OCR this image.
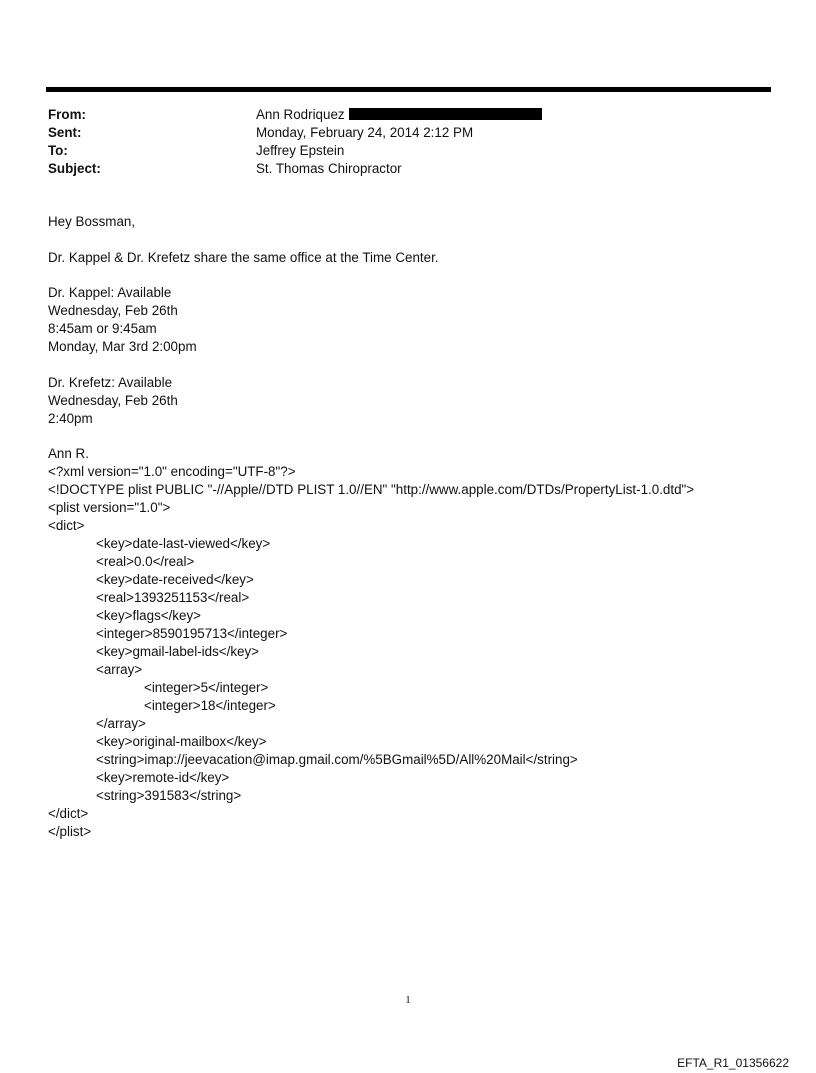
From:	Ann Rodriquez
Sent:	Monday, February 24, 2014 2:12 PM
To:	Jeffrey Epstein
Subject:	St. Thomas Chiropractor
Hey Bossman,
Dr. Kappel & Dr. Krefetz share the same office at the Time Center.
Dr. Kappel: Available
Wednesday, Feb 26th
8:45am or 9:45am
Monday, Mar 3rd 2:00pm
Dr. Krefetz: Available
Wednesday, Feb 26th
2:40pm
Ann R.
<?xml version="1.0" encoding="UTF-8"?>
<!DOCTYPE plist PUBLIC "-//Apple//DTD PLIST 1.0//EN" "http://www.apple.com/DTDs/PropertyList-1.0.dtd">
<plist version="1.0">
<dict>
<key>date-last-viewed</key>
<real>0.0</real>
<key>date-received</key>
<real>1393251153</real>
<key>flags</key>
<integer>8590195713</integer>
<key>gmail-label-ids</key>
<array>
<integer>5</integer>
<integer>18</integer>
</array>
<key>original-mailbox</key>
<string>imap://jeevacation@imap.gmail.com/%5BGmail%5D/All%20Mail</string>
<key>remote-id</key>
<string>391583</string>
</dict>
</plist>
1
EFTA_R1_01356622
